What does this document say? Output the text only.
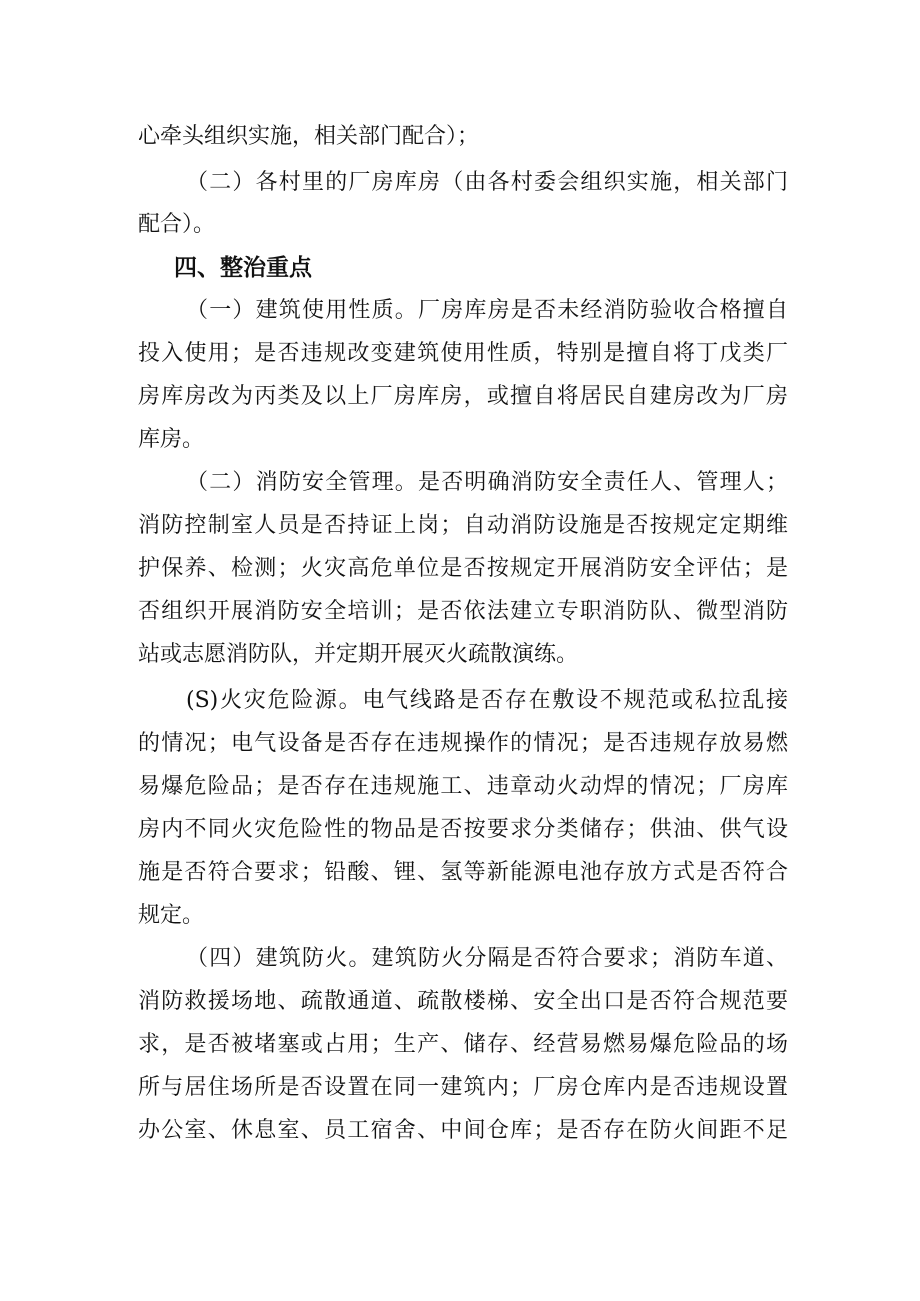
心牵头组织实施，相关部门配合）；
（二）各村里的厂房库房（由各村委会组织实施，相关部门
配合）。
四、整治重点
（一）建筑使用性质。厂房库房是否未经消防验收合格擅自
投入使用；是否违规改变建筑使用性质，特别是擅自将丁戊类厂
房库房改为丙类及以上厂房库房，或擅自将居民自建房改为厂房
库房。
（二）消防安全管理。是否明确消防安全责任人、管理人；
消防控制室人员是否持证上岗；自动消防设施是否按规定定期维
护保养、检测；火灾高危单位是否按规定开展消防安全评估；是
否组织开展消防安全培训；是否依法建立专职消防队、微型消防
站或志愿消防队，并定期开展灭火疏散演练。
(S)火灾危险源。电气线路是否存在敷设不规范或私拉乱接
的情况；电气设备是否存在违规操作的情况；是否违规存放易燃
易爆危险品；是否存在违规施工、违章动火动焊的情况；厂房库
房内不同火灾危险性的物品是否按要求分类储存；供油、供气设
施是否符合要求；铅酸、锂、氢等新能源电池存放方式是否符合
规定。
（四）建筑防火。建筑防火分隔是否符合要求；消防车道、
消防救援场地、疏散通道、疏散楼梯、安全出口是否符合规范要
求，是否被堵塞或占用；生产、储存、经营易燃易爆危险品的场
所与居住场所是否设置在同一建筑内；厂房仓库内是否违规设置
办公室、休息室、员工宿舍、中间仓库；是否存在防火间距不足
